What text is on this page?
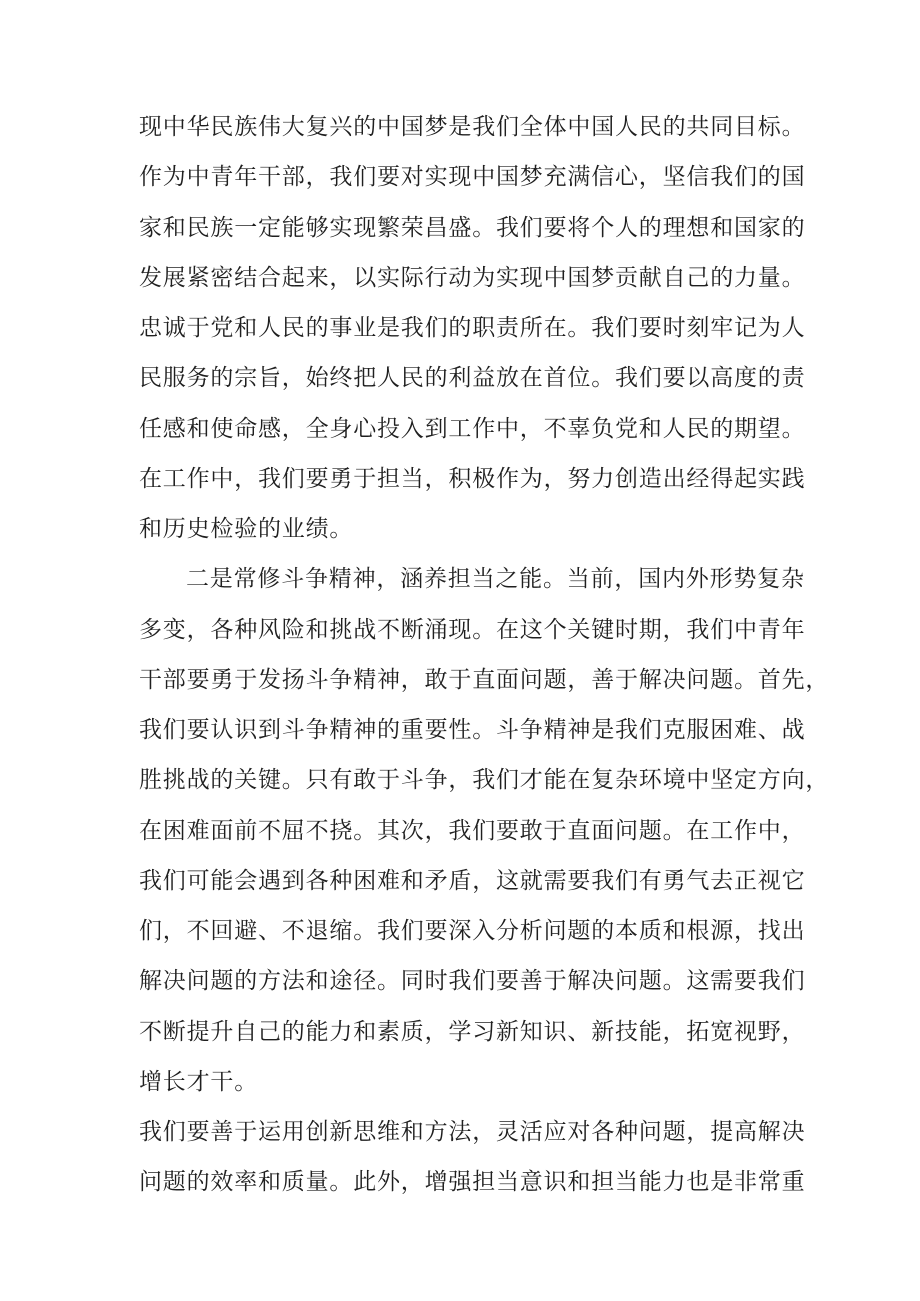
现中华民族伟大复兴的中国梦是我们全体中国人民的共同目标。
作为中青年干部，我们要对实现中国梦充满信心，坚信我们的国
家和民族一定能够实现繁荣昌盛。我们要将个人的理想和国家的
发展紧密结合起来，以实际行动为实现中国梦贡献自己的力量。
忠诚于党和人民的事业是我们的职责所在。我们要时刻牢记为人
民服务的宗旨，始终把人民的利益放在首位。我们要以高度的责
任感和使命感，全身心投入到工作中，不辜负党和人民的期望。
在工作中，我们要勇于担当，积极作为，努力创造出经得起实践
和历史检验的业绩。
二是常修斗争精神，涵养担当之能。当前，国内外形势复杂
多变，各种风险和挑战不断涌现。在这个关键时期，我们中青年
干部要勇于发扬斗争精神，敢于直面问题，善于解决问题。首先，
我们要认识到斗争精神的重要性。斗争精神是我们克服困难、战
胜挑战的关键。只有敢于斗争，我们才能在复杂环境中坚定方向，
在困难面前不屈不挠。其次，我们要敢于直面问题。在工作中，
我们可能会遇到各种困难和矛盾，这就需要我们有勇气去正视它
们，不回避、不退缩。我们要深入分析问题的本质和根源，找出
解决问题的方法和途径。同时我们要善于解决问题。这需要我们
不断提升自己的能力和素质，学习新知识、新技能，拓宽视野，
增长才干。
我们要善于运用创新思维和方法，灵活应对各种问题，提高解决
问题的效率和质量。此外，增强担当意识和担当能力也是非常重
